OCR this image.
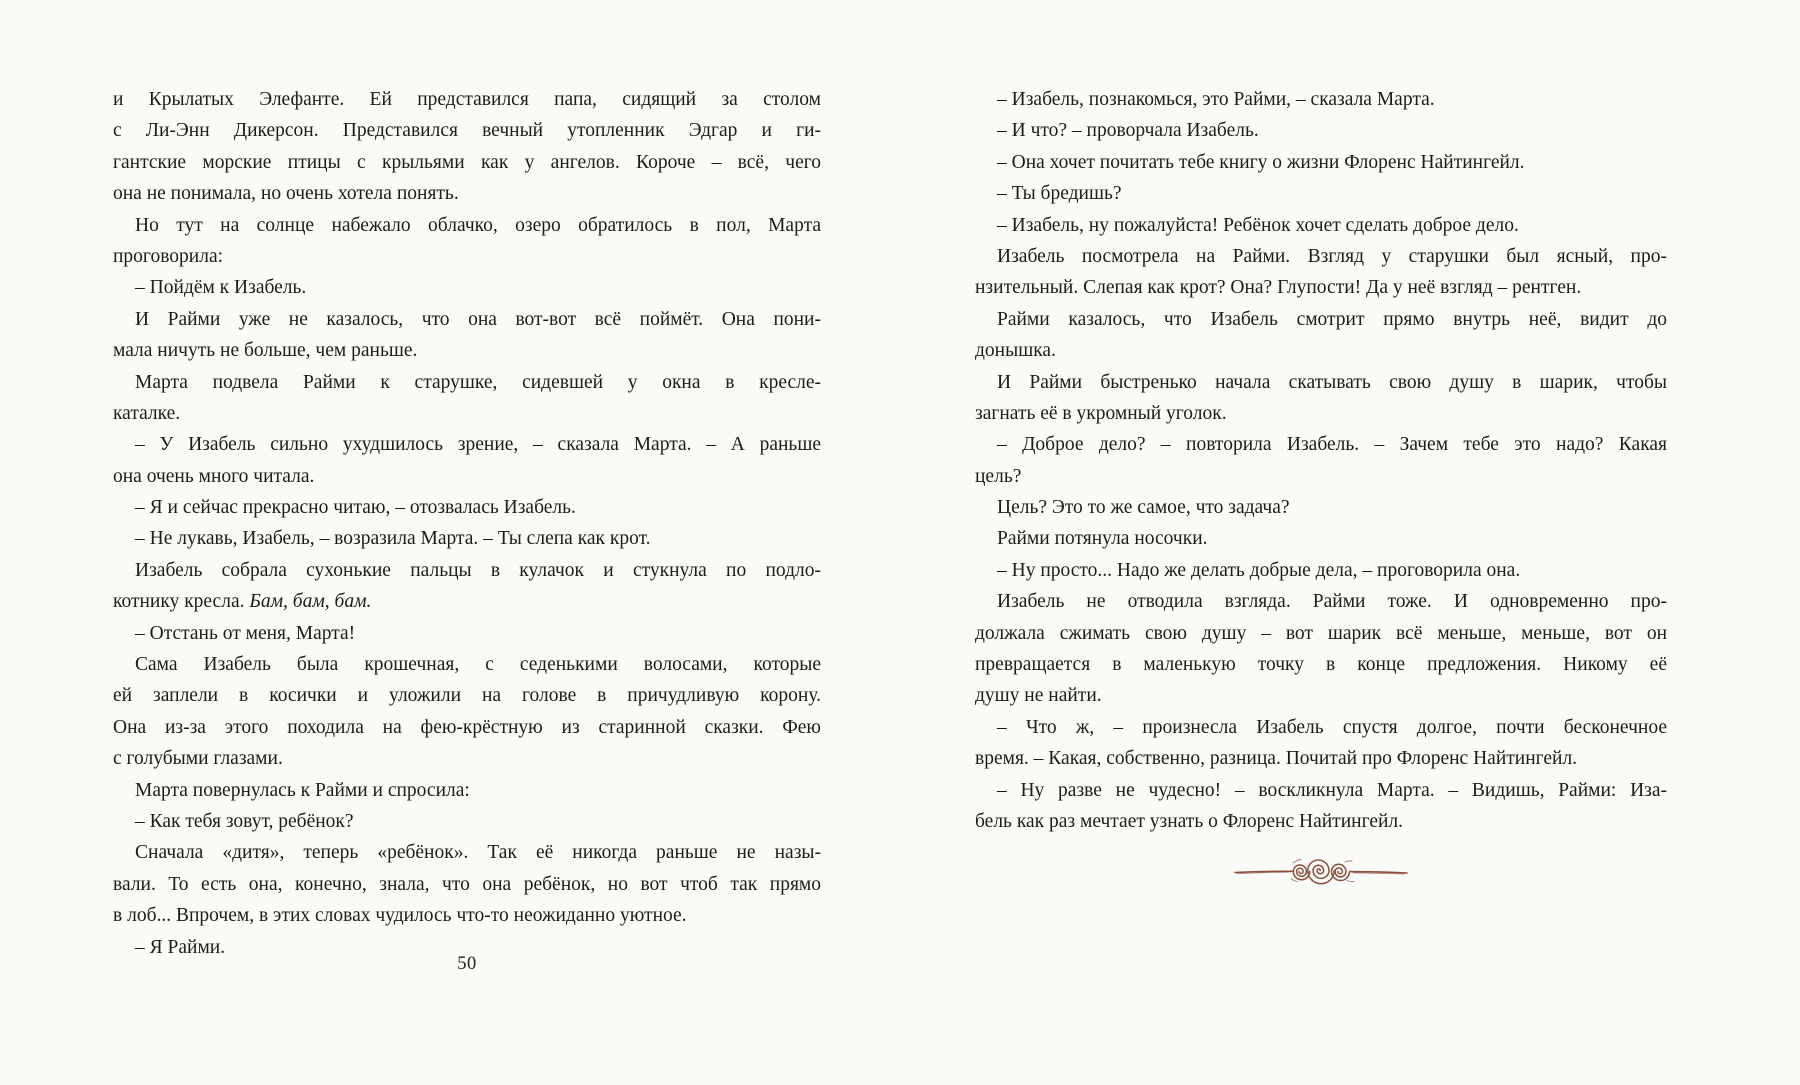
и Крылатых Элефанте. Ей представился папа, сидящий за столом
с Ли-Энн Дикерсон. Представился вечный утопленник Эдгар и ги-
гантские морские птицы с крыльями как у ангелов. Короче – всё, чего
она не понимала, но очень хотела понять.
Но тут на солнце набежало облачко, озеро обратилось в пол, Марта
проговорила:
– Пойдём к Изабель.
И Райми уже не казалось, что она вот-вот всё поймёт. Она пони-
мала ничуть не больше, чем раньше.
Марта подвела Райми к старушке, сидевшей у окна в кресле-
каталке.
– У Изабель сильно ухудшилось зрение, – сказала Марта. – А раньше
она очень много читала.
– Я и сейчас прекрасно читаю, – отозвалась Изабель.
– Не лукавь, Изабель, – возразила Марта. – Ты слепа как крот.
Изабель собрала сухонькие пальцы в кулачок и стукнула по подло-
котнику кресла. Бам, бам, бам.
– Отстань от меня, Марта!
Сама Изабель была крошечная, с седенькими волосами, которые
ей заплели в косички и уложили на голове в причудливую корону.
Она из-за этого походила на фею-крёстную из старинной сказки. Фею
с голубыми глазами.
Марта повернулась к Райми и спросила:
– Как тебя зовут, ребёнок?
Сначала «дитя», теперь «ребёнок». Так её никогда раньше не назы-
вали. То есть она, конечно, знала, что она ребёнок, но вот чтоб так прямо
в лоб... Впрочем, в этих словах чудилось что-то неожиданно уютное.
– Я Райми.
50
– Изабель, познакомься, это Райми, – сказала Марта.
– И что? – проворчала Изабель.
– Она хочет почитать тебе книгу о жизни Флоренс Найтингейл.
– Ты бредишь?
– Изабель, ну пожалуйста! Ребёнок хочет сделать доброе дело.
Изабель посмотрела на Райми. Взгляд у старушки был ясный, про-
нзительный. Слепая как крот? Она? Глупости! Да у неё взгляд – рентген.
Райми казалось, что Изабель смотрит прямо внутрь неё, видит до
донышка.
И Райми быстренько начала скатывать свою душу в шарик, чтобы
загнать её в укромный уголок.
– Доброе дело? – повторила Изабель. – Зачем тебе это надо? Какая
цель?
Цель? Это то же самое, что задача?
Райми потянула носочки.
– Ну просто... Надо же делать добрые дела, – проговорила она.
Изабель не отводила взгляда. Райми тоже. И одновременно про-
должала сжимать свою душу – вот шарик всё меньше, меньше, вот он
превращается в маленькую точку в конце предложения. Никому её
душу не найти.
– Что ж, – произнесла Изабель спустя долгое, почти бесконечное
время. – Какая, собственно, разница. Почитай про Флоренс Найтингейл.
– Ну разве не чудесно! – воскликнула Марта. – Видишь, Райми: Иза-
бель как раз мечтает узнать о Флоренс Найтингейл.
